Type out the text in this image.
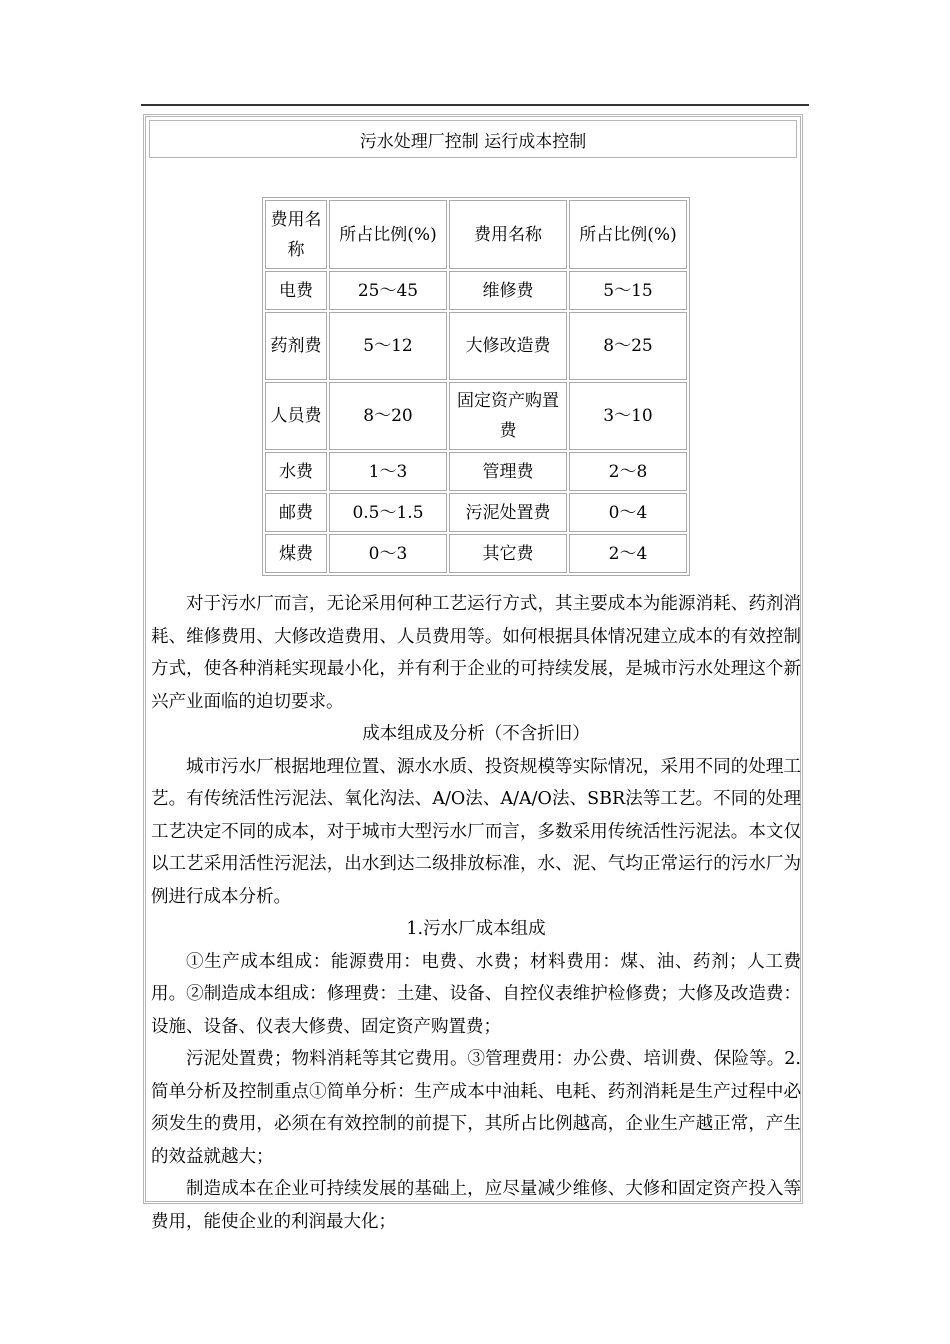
污水处理厂控制 运行成本控制
费用名称	所占比例(%)	费用名称	所占比例(%)
电费	25～45	维修费	5～15
药剂费	5～12	大修改造费	8～25
人员费	8～20	固定资产购置费	3～10
水费	1～3	管理费	2～8
邮费	0.5～1.5	污泥处置费	0～4
煤费	0～3	其它费	2～4

对于污水厂而言，无论采用何种工艺运行方式，其主要成本为能源消耗、药剂消耗、维修费用、大修改造费用、人员费用等。如何根据具体情况建立成本的有效控制方式，使各种消耗实现最小化，并有利于企业的可持续发展，是城市污水处理这个新兴产业面临的迫切要求。

成本组成及分析（不含折旧）

城市污水厂根据地理位置、源水水质、投资规模等实际情况，采用不同的处理工艺。有传统活性污泥法、氧化沟法、A/O法、A/A/O法、SBR法等工艺。不同的处理工艺决定不同的成本，对于城市大型污水厂而言，多数采用传统活性污泥法。本文仅以工艺采用活性污泥法，出水到达二级排放标准，水、泥、气均正常运行的污水厂为例进行成本分析。

1.污水厂成本组成

①生产成本组成：能源费用：电费、水费；材料费用：煤、油、药剂；人工费用。②制造成本组成：修理费：土建、设备、自控仪表维护检修费；大修及改造费：设施、设备、仪表大修费、固定资产购置费；

污泥处置费；物料消耗等其它费用。③管理费用：办公费、培训费、保险等。2.简单分析及控制重点①简单分析：生产成本中油耗、电耗、药剂消耗是生产过程中必须发生的费用，必须在有效控制的前提下，其所占比例越高，企业生产越正常，产生的效益就越大；

制造成本在企业可持续发展的基础上，应尽量减少维修、大修和固定资产投入等费用，能使企业的利润最大化；
